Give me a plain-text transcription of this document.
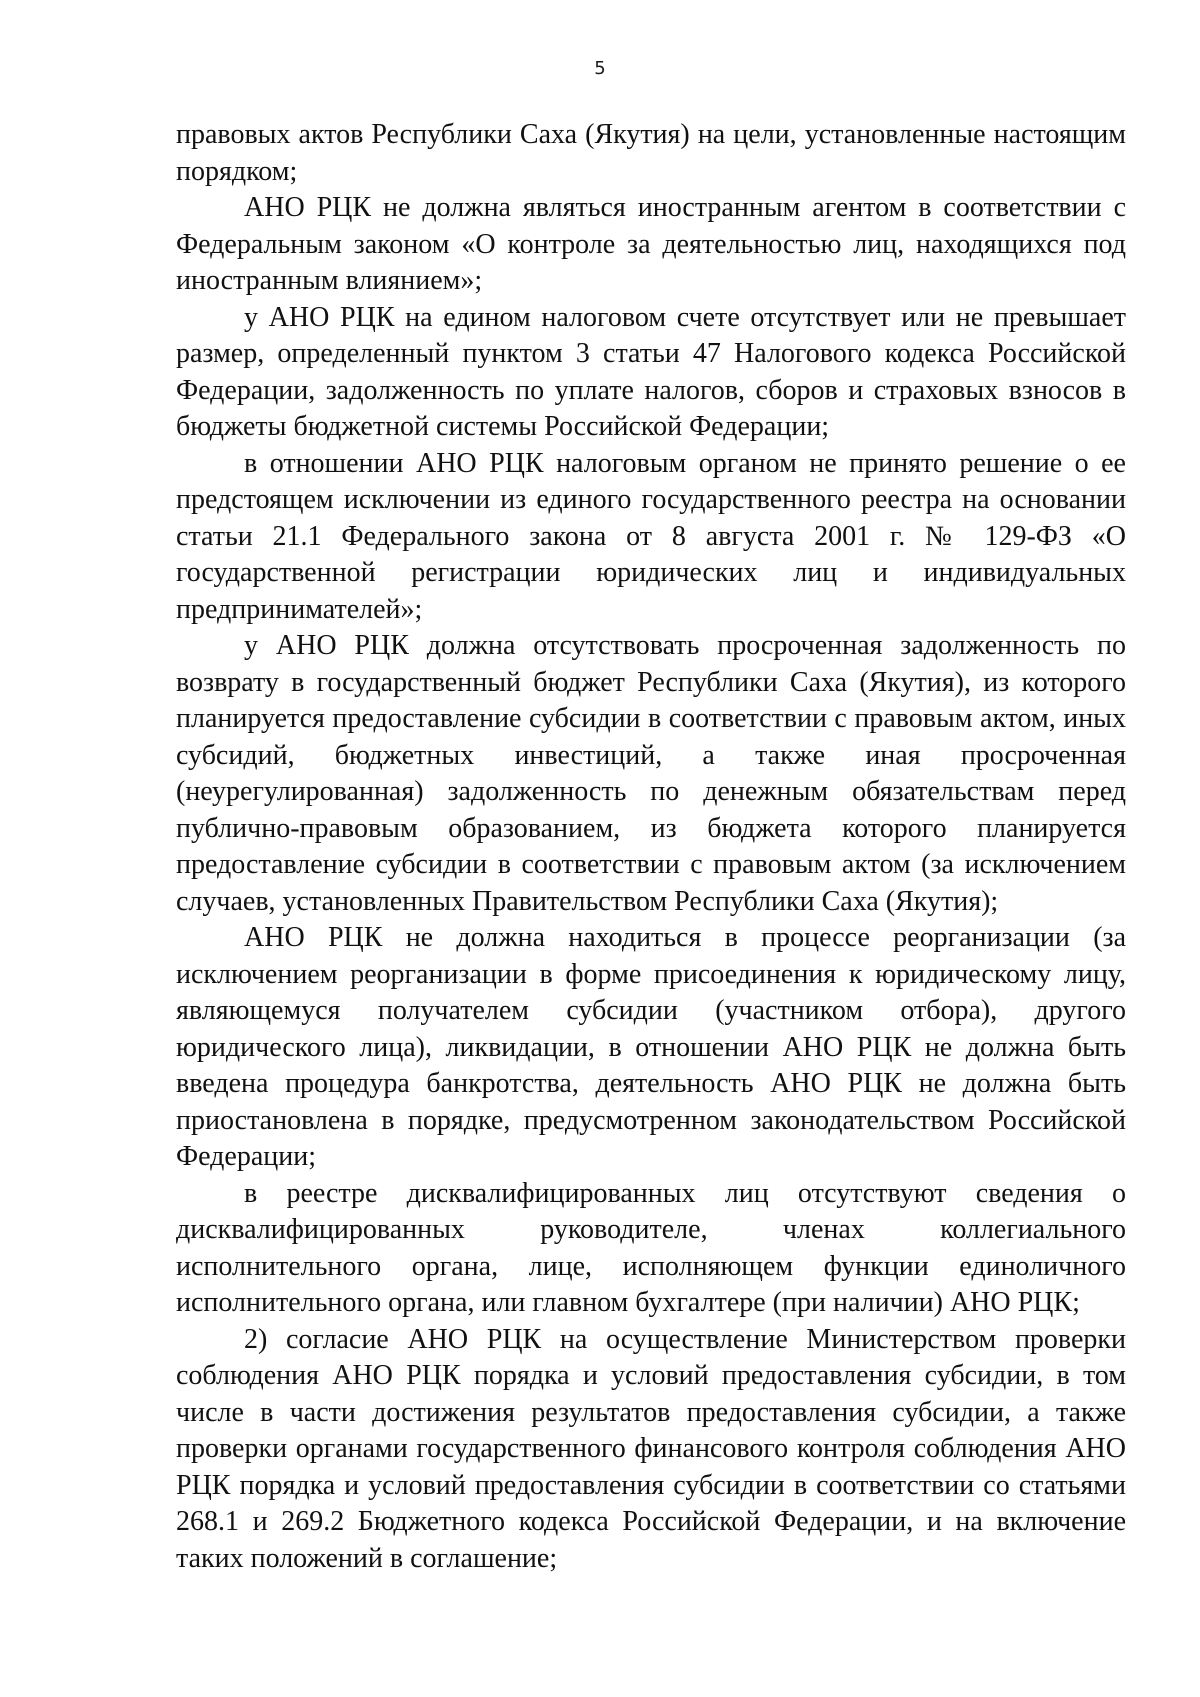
5

правовых актов Республики Саха (Якутия) на цели, установленные настоящим порядком;

АНО РЦК не должна являться иностранным агентом в соответствии с Федеральным законом «О контроле за деятельностью лиц, находящихся под иностранным влиянием»;

у АНО РЦК на едином налоговом счете отсутствует или не превышает размер, определенный пунктом 3 статьи 47 Налогового кодекса Российской Федерации, задолженность по уплате налогов, сборов и страховых взносов в бюджеты бюджетной системы Российской Федерации;

в отношении АНО РЦК налоговым органом не принято решение о ее предстоящем исключении из единого государственного реестра на основании статьи 21.1 Федерального закона от 8 августа 2001 г. № 129-ФЗ «О государственной регистрации юридических лиц и индивидуальных предпринимателей»;

у АНО РЦК должна отсутствовать просроченная задолженность по возврату в государственный бюджет Республики Саха (Якутия), из которого планируется предоставление субсидии в соответствии с правовым актом, иных субсидий, бюджетных инвестиций, а также иная просроченная (неурегулированная) задолженность по денежным обязательствам перед публично-правовым образованием, из бюджета которого планируется предоставление субсидии в соответствии с правовым актом (за исключением случаев, установленных Правительством Республики Саха (Якутия);

АНО РЦК не должна находиться в процессе реорганизации (за исключением реорганизации в форме присоединения к юридическому лицу, являющемуся получателем субсидии (участником отбора), другого юридического лица), ликвидации, в отношении АНО РЦК не должна быть введена процедура банкротства, деятельность АНО РЦК не должна быть приостановлена в порядке, предусмотренном законодательством Российской Федерации;

в реестре дисквалифицированных лиц отсутствуют сведения о дисквалифицированных руководителе, членах коллегиального исполнительного органа, лице, исполняющем функции единоличного исполнительного органа, или главном бухгалтере (при наличии) АНО РЦК;

2) согласие АНО РЦК на осуществление Министерством проверки соблюдения АНО РЦК порядка и условий предоставления субсидии, в том числе в части достижения результатов предоставления субсидии, а также проверки органами государственного финансового контроля соблюдения АНО РЦК порядка и условий предоставления субсидии в соответствии со статьями 268.1 и 269.2 Бюджетного кодекса Российской Федерации, и на включение таких положений в соглашение;
